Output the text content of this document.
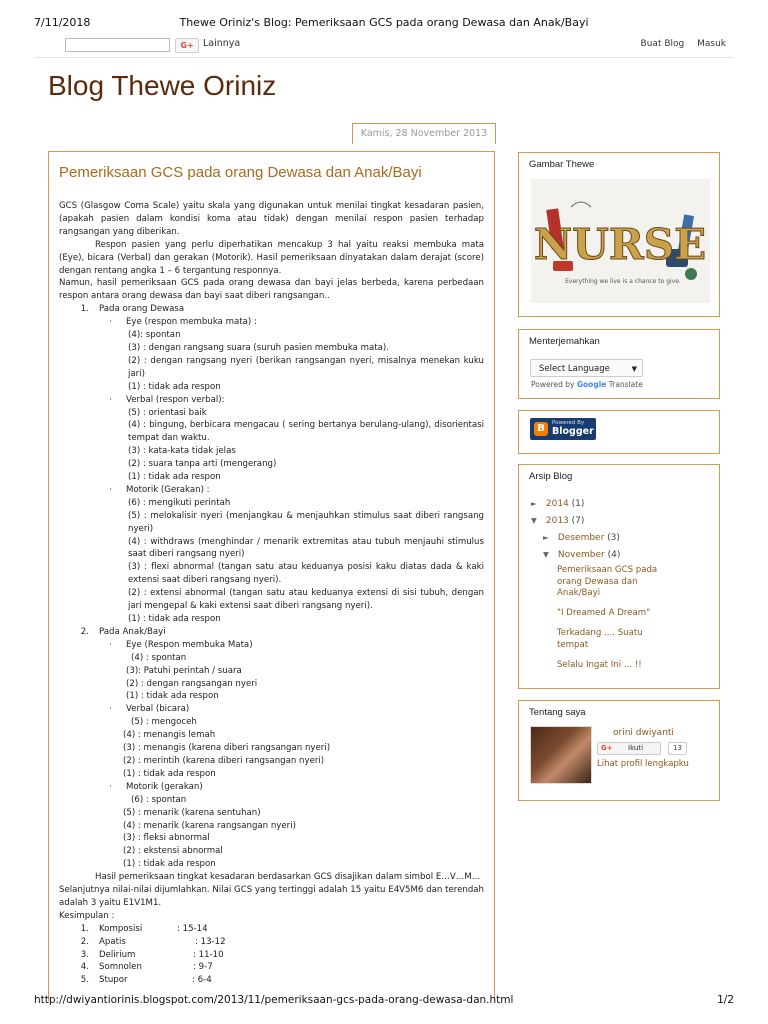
7/11/2018	Thewe Oriniz's Blog: Pemeriksaan GCS pada orang Dewasa dan Anak/Bayi
G+ Lainnya	Buat Blog Masuk
Blog Thewe Oriniz
Kamis, 28 November 2013
Pemeriksaan GCS pada orang Dewasa dan Anak/Bayi

GCS (Glasgow Coma Scale) yaitu skala yang digunakan untuk menilai tingkat kesadaran pasien, (apakah pasien dalam kondisi koma atau tidak) dengan menilai respon pasien terhadap rangsangan yang diberikan.

Respon pasien yang perlu diperhatikan mencakup 3 hal yaitu reaksi membuka mata (Eye), bicara (Verbal) dan gerakan (Motorik). Hasil pemeriksaan dinyatakan dalam derajat (score) dengan rentang angka 1 – 6 tergantung responnya.

Namun, hasil pemeriksaan GCS pada orang dewasa dan bayi jelas berbeda, karena perbedaan respon antara orang dewasa dan bayi saat diberi rangsangan..

1.	Pada orang Dewasa
·	Eye (respon membuka mata) :

(4): spontan

(3) : dengan rangsang suara (suruh pasien membuka mata).

(2) : dengan rangsang nyeri (berikan rangsangan nyeri, misalnya menekan kuku jari)

(1) : tidak ada respon

·	Verbal (respon verbal):

(5) : orientasi baik

(4) : bingung, berbicara mengacau ( sering bertanya berulang-ulang), disorientasi tempat dan waktu.

(3) : kata-kata tidak jelas

(2) : suara tanpa arti (mengerang)

(1) : tidak ada respon

·	Motorik (Gerakan) :

(6) : mengikuti perintah

(5) : melokalisir nyeri (menjangkau & menjauhkan stimulus saat diberi rangsang nyeri)

(4) : withdraws (menghindar / menarik extremitas atau tubuh menjauhi stimulus saat diberi rangsang nyeri)

(3) : flexi abnormal (tangan satu atau keduanya posisi kaku diatas dada & kaki extensi saat diberi rangsang nyeri).

(2) : extensi abnormal (tangan satu atau keduanya extensi di sisi tubuh, dengan jari mengepal & kaki extensi saat diberi rangsang nyeri).

(1) : tidak ada respon

2.	Pada Anak/Bayi
·	Eye (Respon membuka Mata)

(4) : spontan

(3): Patuhi perintah / suara

(2) : dengan rangsangan nyeri

(1) : tidak ada respon

·	Verbal (bicara)

(5) : mengoceh

(4) : menangis lemah

(3) : menangis (karena diberi rangsangan nyeri)

(2) : merintih (karena diberi rangsangan nyeri)

(1) : tidak ada respon

·	Motorik (gerakan)

(6) : spontan

(5) : menarik (karena sentuhan)

(4) : menarik (karena rangsangan nyeri)

(3) : fleksi abnormal

(2) : ekstensi abnormal

(1) : tidak ada respon

Hasil pemeriksaan tingkat kesadaran berdasarkan GCS disajikan dalam simbol E…V…M…

Selanjutnya nilai-nilai dijumlahkan. Nilai GCS yang tertinggi adalah 15 yaitu E4V5M6 dan terendah adalah 3 yaitu E1V1M1.

Kesimpulan :

1.	Komposisi	: 15-14
2.	Apatis	: 13-12
3.	Delirium	: 11-10
4.	Somnolen	: 9-7
5.	Stupor	: 6-4
Gambar Thewe
NURSE
Everything we live is a chance to give.
Menterjemahkan
Select Language	▼
Powered by Google Translate
B	Powered By
Blogger
Arsip Blog
► 2014 (1)
▼ 2013 (7)
► Desember (3)
▼ November (4)
Pemeriksaan GCS pada orang Dewasa dan Anak/Bayi
"I Dreamed A Dream"
Terkadang .... Suatu tempat
Selalu Ingat Ini ... !!
Tentang saya
orini dwiyanti
G+ Ikuti	13
Lihat profil lengkapku
http://dwiyantiorinis.blogspot.com/2013/11/pemeriksaan-gcs-pada-orang-dewasa-dan.html	1/2
